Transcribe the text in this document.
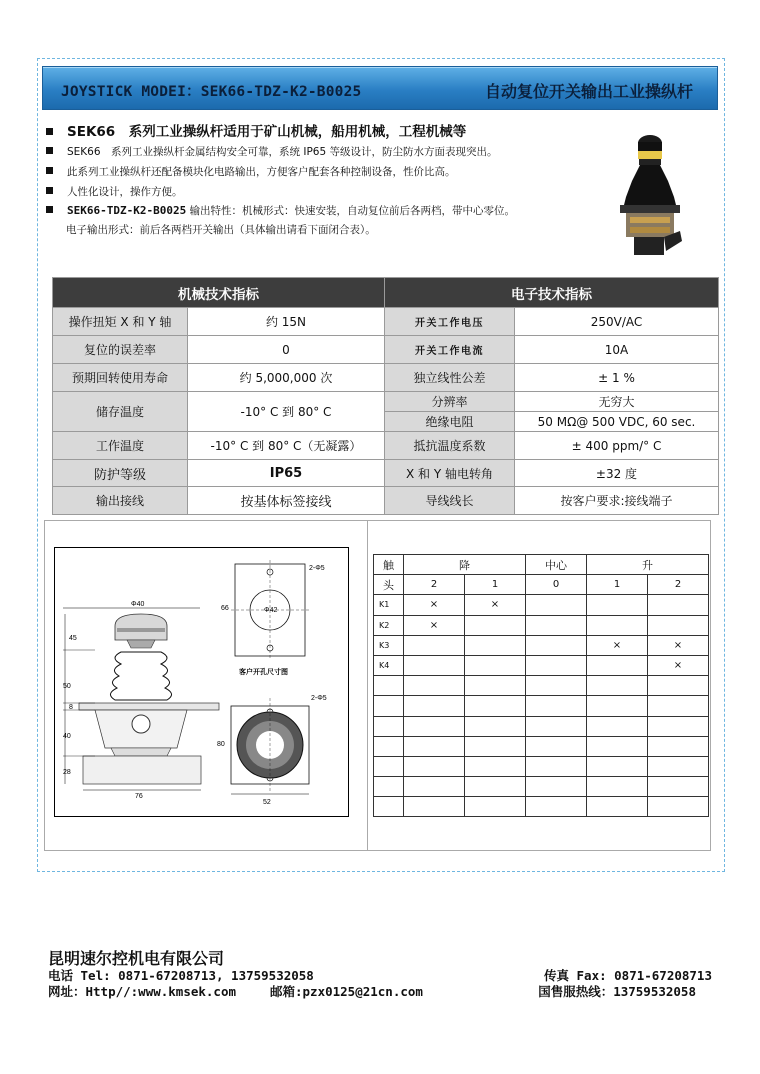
JOYSTICK MODEI：SEK66-TDZ-K2-B0025	自动复位开关输出工业操纵杆
SEK66　系列工业操纵杆适用于矿山机械，船用机械，工程机械等
SEK66　系列工业操纵杆金属结构安全可靠，系统 IP65 等级设计，防尘防水方面表现突出。
此系列工业操纵杆还配备模块化电路输出，方便客户配套各种控制设备，性价比高。
人性化设计，操作方便。
SEK66-TDZ-K2-B0025 输出特性：机械形式：快速安装，自动复位前后各两档，带中心零位。
电子输出形式：前后各两档开关输出（具体输出请看下面闭合表）。
机械技术指标		电子技术指标	
操作扭矩 X 和 Y 轴	约 15N	开关工作电压	250V/AC
复位的误差率	0	开关工作电流	10A
预期回转使用寿命	约 5,000,000 次	独立线性公差	± 1 %
储存温度	-10° C 到 80° C	分辨率	无穷大
		绝缘电阻	50 MΩ@ 500 VDC, 60 sec.
工作温度	-10° C 到 80° C（无凝露）	抵抗温度系数	± 400 ppm/° C
防护等级	IP65	X 和 Y 轴电转角	±32 度
输出接线	按基体标签接线	导线线长	按客户要求:接线端子
Φ40
45
50
8
40
28
76
2-Φ5
66	Φ42
客户开孔尺寸图
2-Φ5
80
52
触	降		中心	升	
头	2	1	0	1	2
K1	×	×			
K2	×				
K3				×	×
K4					×

昆明速尔控机电有限公司
电话 Tel: 0871-67208713, 13759532058	传真 Fax: 0871-67208713
网址：Http//:www.kmsek.com	邮箱:pzx0125@21cn.com	国售服热线：13759532058
